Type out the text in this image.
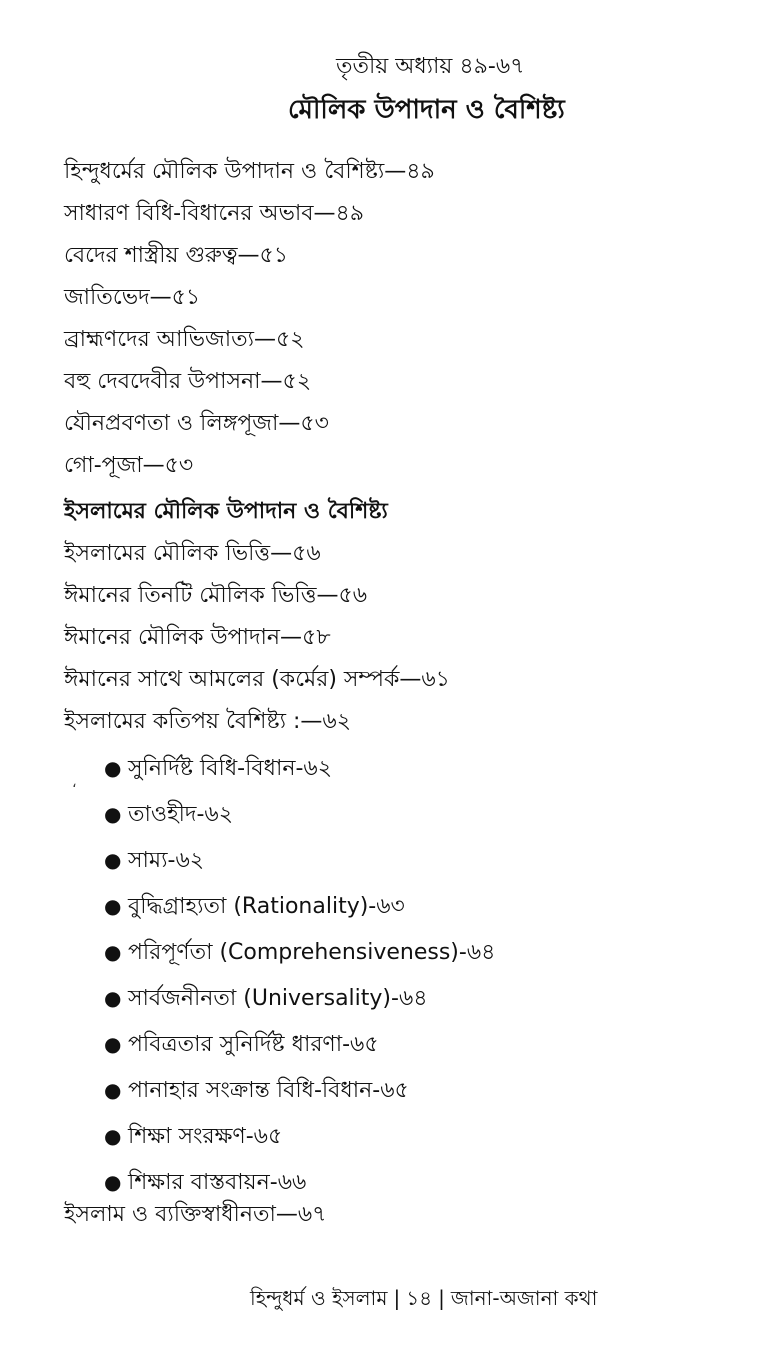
তৃতীয় অধ্যায় ৪৯-৬৭
মৌলিক উপাদান ও বৈশিষ্ট্য
হিন্দুধর্মের মৌলিক উপাদান ও বৈশিষ্ট্য—৪৯
সাধারণ বিধি-বিধানের অভাব—৪৯
বেদের শাস্ত্রীয় গুরুত্ব—৫১
জাতিভেদ—৫১
ব্রাহ্মণদের আভিজাত্য—৫২
বহু দেবদেবীর উপাসনা—৫২
যৌনপ্রবণতা ও লিঙ্গপূজা—৫৩
গো-পূজা—৫৩
ইসলামের মৌলিক উপাদান ও বৈশিষ্ট্য
ইসলামের মৌলিক ভিত্তি—৫৬
ঈমানের তিনটি মৌলিক ভিত্তি—৫৬
ঈমানের মৌলিক উপাদান—৫৮
ঈমানের সাথে আমলের (কর্মের) সম্পর্ক—৬১
ইসলামের কতিপয় বৈশিষ্ট্য :—৬২
● সুনির্দিষ্ট বিধি-বিধান-৬২
● তাওহীদ-৬২
● সাম্য-৬২
● বুদ্ধিগ্রাহ্যতা (Rationality)-৬৩
● পরিপূর্ণতা (Comprehensiveness)-৬৪
● সার্বজনীনতা (Universality)-৬৪
● পবিত্রতার সুনির্দিষ্ট ধারণা-৬৫
● পানাহার সংক্রান্ত বিধি-বিধান-৬৫
● শিক্ষা সংরক্ষণ-৬৫
● শিক্ষার বাস্তবায়ন-৬৬
،
ইসলাম ও ব্যক্তিস্বাধীনতা—৬৭
হিন্দুধর্ম ও ইসলাম | ১৪ | জানা-অজানা কথা
